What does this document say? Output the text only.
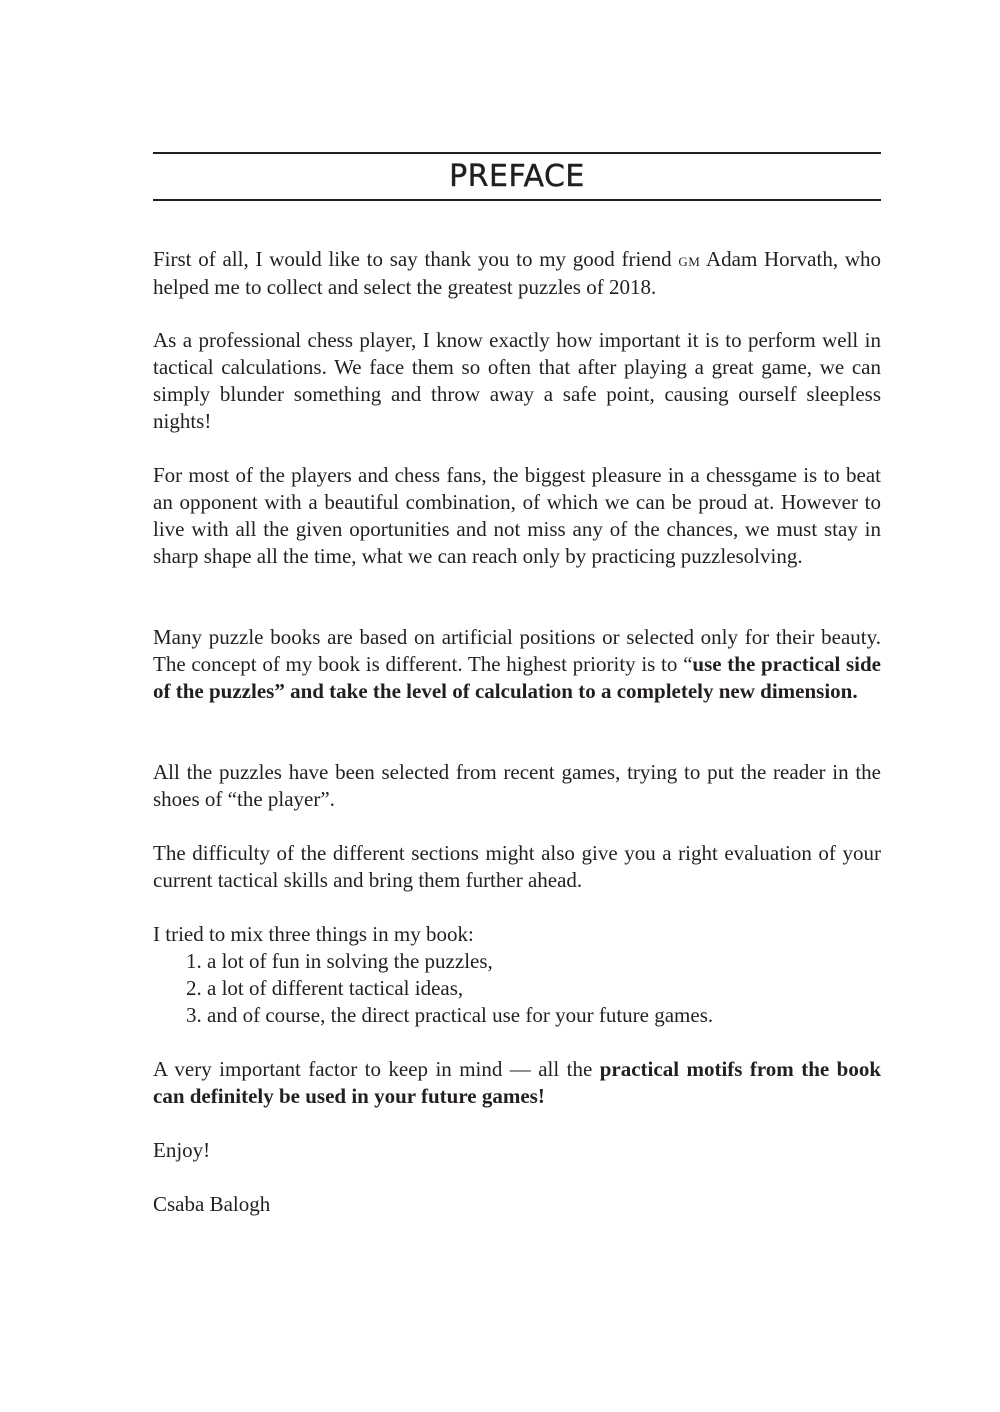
PREFACE

First of all, I would like to say thank you to my good friend gm Adam Horvath, who helped me to collect and select the greatest puzzles of 2018.

As a professional chess player, I know exactly how important it is to perform well in tactical calculations. We face them so often that after playing a great game, we can simply blunder something and throw away a safe point, causing ourself sleepless nights!

For most of the players and chess fans, the biggest pleasure in a chessgame is to beat an opponent with a beautiful combination, of which we can be proud at. However to live with all the given oportunities and not miss any of the chances, we must stay in sharp shape all the time, what we can reach only by practicing puzzlesolving.

Many puzzle books are based on artificial positions or selected only for their beauty. The concept of my book is different. The highest priority is to “use the practical side of the puzzles” and take the level of calculation to a completely new dimension.

All the puzzles have been selected from recent games, trying to put the reader in the shoes of “the player”.

The difficulty of the different sections might also give you a right evaluation of your current tactical skills and bring them further ahead.

I tried to mix three things in my book:

1. a lot of fun in solving the puzzles,
2. a lot of different tactical ideas,
3. and of course, the direct practical use for your future games.

A very important factor to keep in mind — all the practical motifs from the book can definitely be used in your future games!

Enjoy!

Csaba Balogh
